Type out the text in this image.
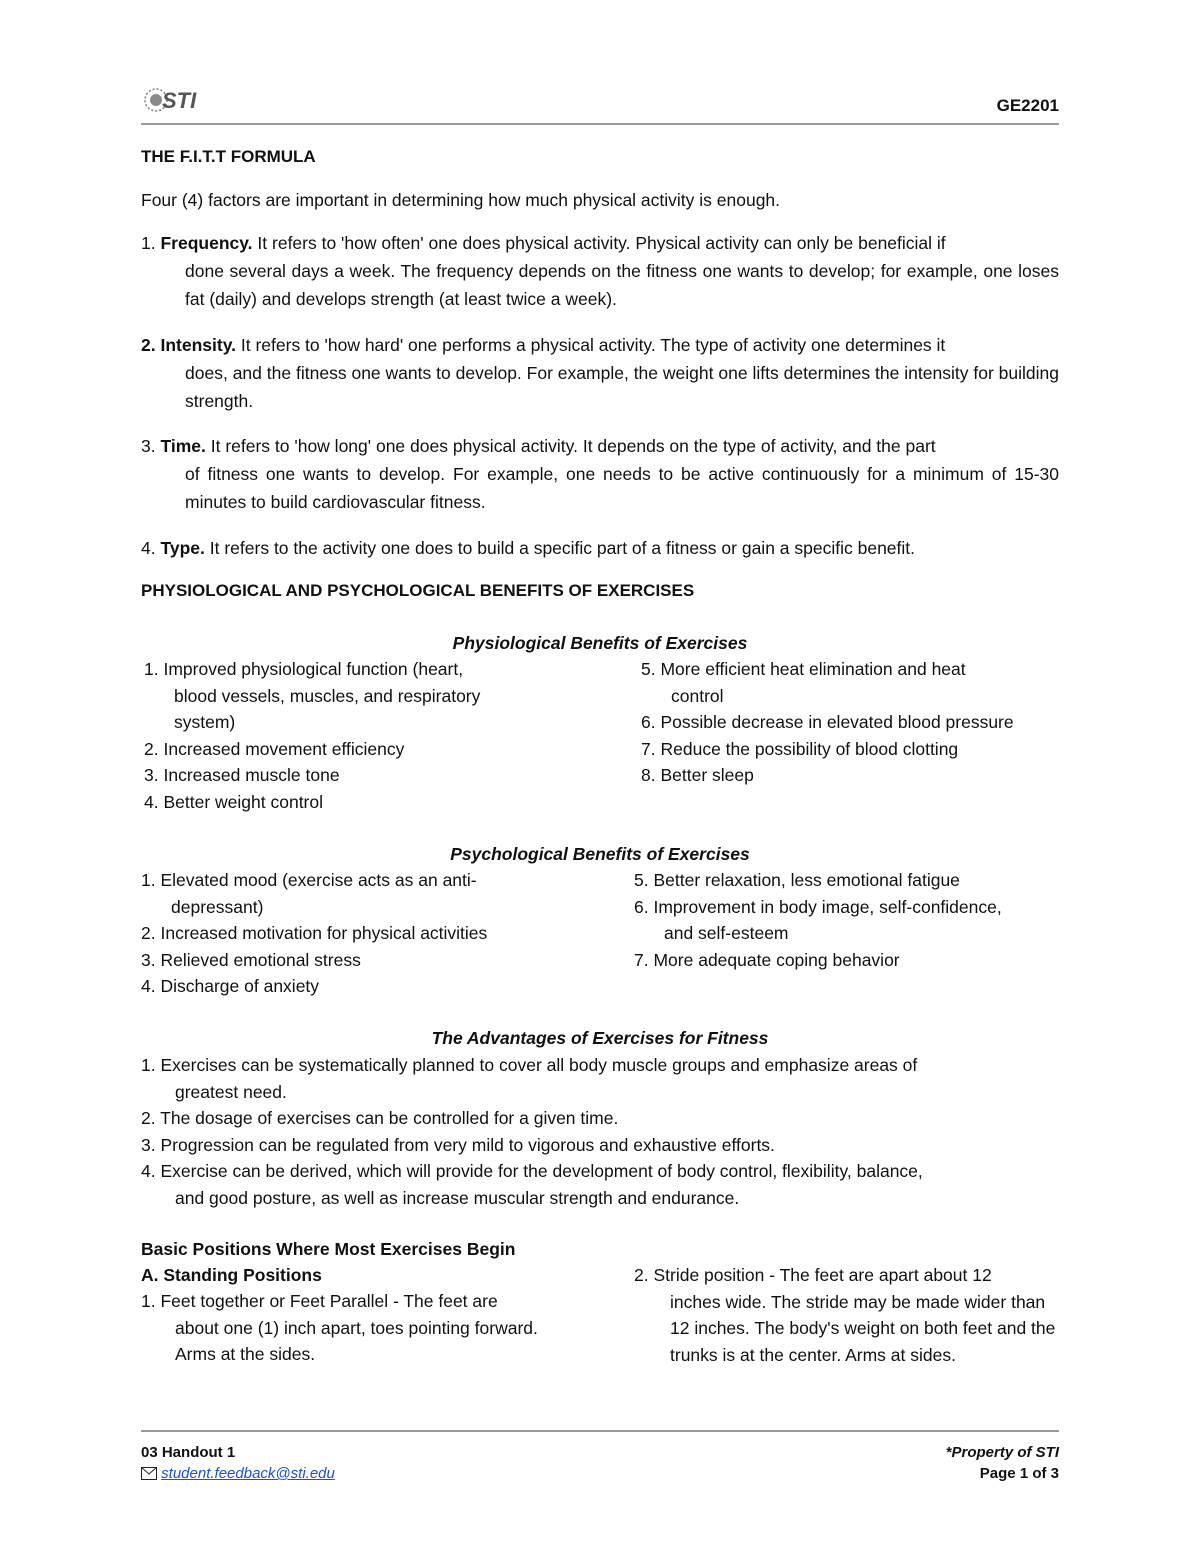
STI	GE2201
THE F.I.T.T FORMULA
Four (4) factors are important in determining how much physical activity is enough.
1. Frequency. It refers to 'how often' one does physical activity. Physical activity can only be beneficial if
done several days a week. The frequency depends on the fitness one wants to develop; for example, one loses fat (daily) and develops strength (at least twice a week).
2. Intensity. It refers to 'how hard' one performs a physical activity. The type of activity one determines it
does, and the fitness one wants to develop. For example, the weight one lifts determines the intensity for building strength.
3. Time. It refers to 'how long' one does physical activity. It depends on the type of activity, and the part
of fitness one wants to develop. For example, one needs to be active continuously for a minimum of 15-30 minutes to build cardiovascular fitness.
4. Type. It refers to the activity one does to build a specific part of a fitness or gain a specific benefit.
PHYSIOLOGICAL AND PSYCHOLOGICAL BENEFITS OF EXERCISES
Physiological Benefits of Exercises
1. Improved physiological function (heart,
blood vessels, muscles, and respiratory system)
2. Increased movement efficiency
3. Increased muscle tone
4. Better weight control
5. More efficient heat elimination and heat
control
6. Possible decrease in elevated blood pressure
7. Reduce the possibility of blood clotting
8. Better sleep
Psychological Benefits of Exercises
1. Elevated mood (exercise acts as an anti-
depressant)
2. Increased motivation for physical activities
3. Relieved emotional stress
4. Discharge of anxiety
5. Better relaxation, less emotional fatigue
6. Improvement in body image, self-confidence,
and self-esteem
7. More adequate coping behavior
The Advantages of Exercises for Fitness
1. Exercises can be systematically planned to cover all body muscle groups and emphasize areas of
greatest need.
2. The dosage of exercises can be controlled for a given time.
3. Progression can be regulated from very mild to vigorous and exhaustive efforts.
4. Exercise can be derived, which will provide for the development of body control, flexibility, balance,
and good posture, as well as increase muscular strength and endurance.
Basic Positions Where Most Exercises Begin
A. Standing Positions
1. Feet together or Feet Parallel - The feet are
about one (1) inch apart, toes pointing forward. Arms at the sides.
2. Stride position - The feet are apart about 12
inches wide. The stride may be made wider than 12 inches. The body's weight on both feet and the trunks is at the center. Arms at sides.
03 Handout 1
student.feedback@sti.edu
*Property of STI
Page 1 of 3
